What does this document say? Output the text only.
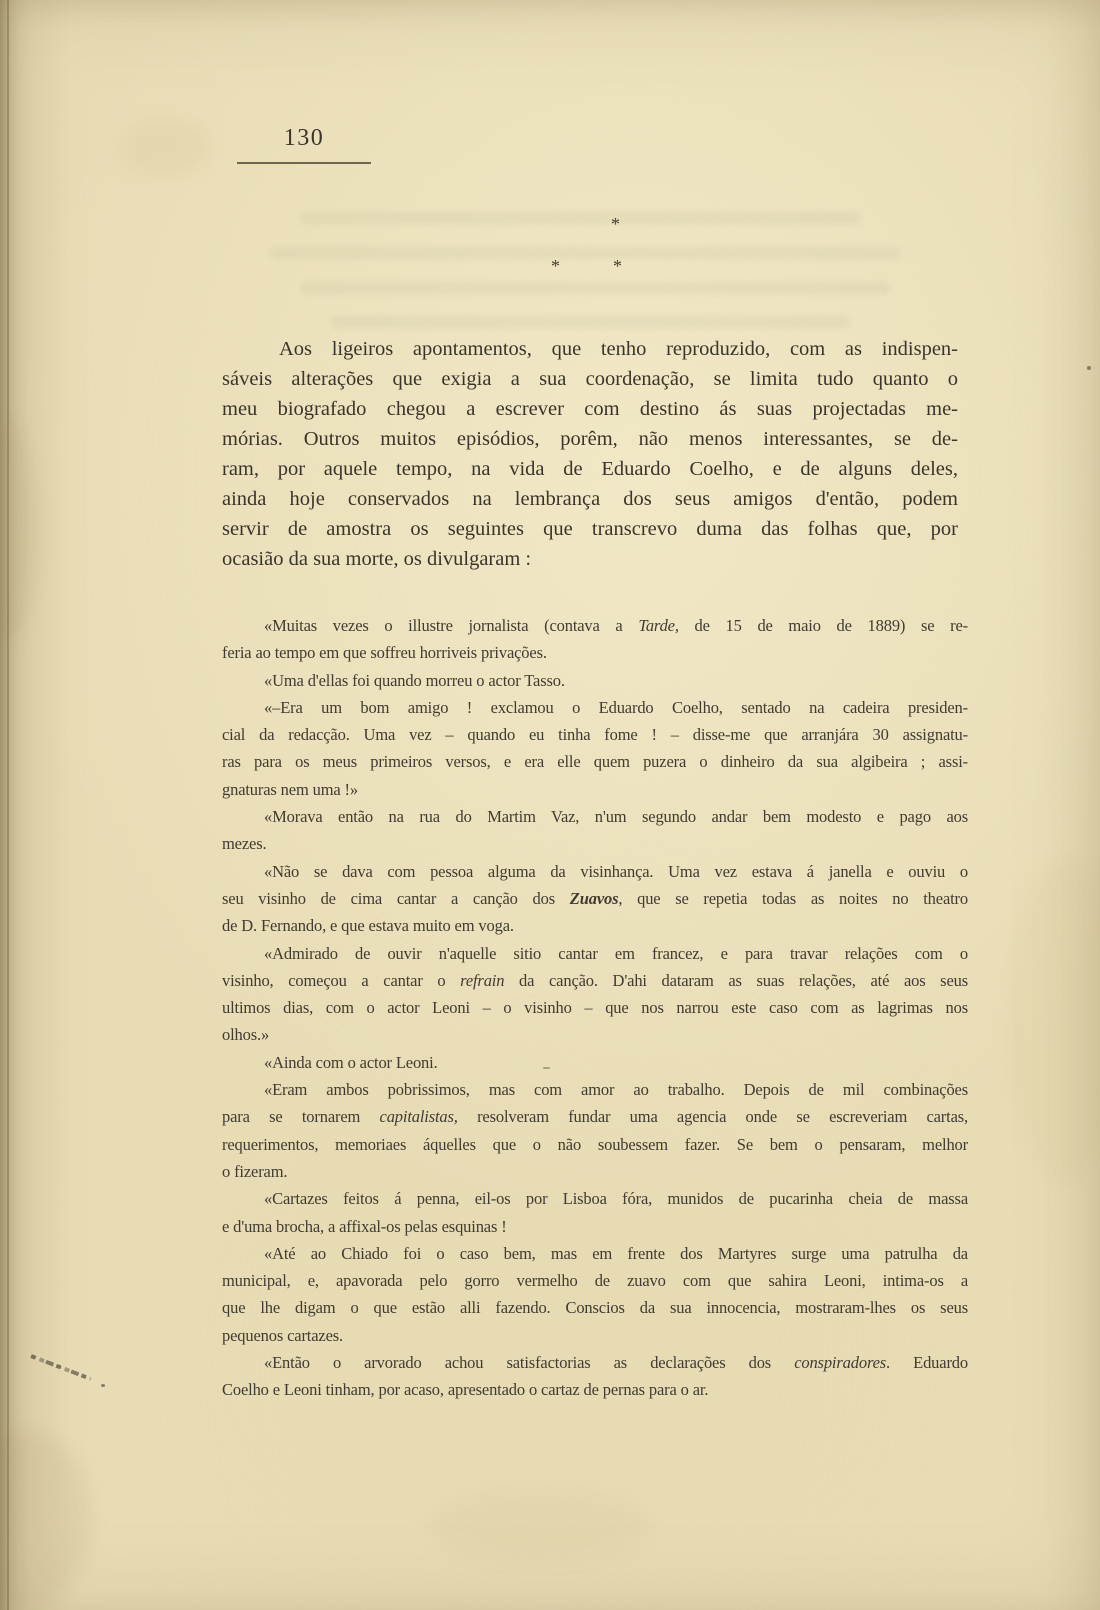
130
*
*	*
Aos ligeiros apontamentos, que tenho reproduzido, com as indispen-
sáveis alterações que exigia a sua coordenação, se limita tudo quanto o
meu biografado chegou a escrever com destino ás suas projectadas me-
mórias. Outros muitos episódios, porêm, não menos interessantes, se de-
ram, por aquele tempo, na vida de Eduardo Coelho, e de alguns deles,
ainda hoje conservados na lembrança dos seus amigos d'então, podem
servir de amostra os seguintes que transcrevo duma das folhas que, por
ocasião da sua morte, os divulgaram :
«Muitas vezes o illustre jornalista (contava a Tarde, de 15 de maio de 1889) se re-
feria ao tempo em que soffreu horriveis privações.
«Uma d'ellas foi quando morreu o actor Tasso.
«–Era um bom amigo ! exclamou o Eduardo Coelho, sentado na cadeira presiden-
cial da redacção. Uma vez – quando eu tinha fome ! – disse-me que arranjára 30 assignatu-
ras para os meus primeiros versos, e era elle quem puzera o dinheiro da sua algibeira ; assi-
gnaturas nem uma !»
«Morava então na rua do Martim Vaz, n'um segundo andar bem modesto e pago aos
mezes.
«Não se dava com pessoa alguma da visinhança. Uma vez estava á janella e ouviu o
seu visinho de cima cantar a canção dos Zuavos, que se repetia todas as noites no theatro
de D. Fernando, e que estava muito em voga.
«Admirado de ouvir n'aquelle sitio cantar em francez, e para travar relações com o
visinho, começou a cantar o refrain da canção. D'ahi dataram as suas relações, até aos seus
ultimos dias, com o actor Leoni – o visinho – que nos narrou este caso com as lagrimas nos
olhos.»
«Ainda com o actor Leoni.
«Eram ambos pobrissimos, mas com amor ao trabalho. Depois de mil combinações
para se tornarem capitalistas, resolveram fundar uma agencia onde se escreveriam cartas,
requerimentos, memoriaes áquelles que o não soubessem fazer. Se bem o pensaram, melhor
o fizeram.
«Cartazes feitos á penna, eil-os por Lisboa fóra, munidos de pucarinha cheia de massa
e d'uma brocha, a affixal-os pelas esquinas !
«Até ao Chiado foi o caso bem, mas em frente dos Martyres surge uma patrulha da
municipal, e, apavorada pelo gorro vermelho de zuavo com que sahira Leoni, intima-os a
que lhe digam o que estão alli fazendo. Conscios da sua innocencia, mostraram-lhes os seus
pequenos cartazes.
«Então o arvorado achou satisfactorias as declarações dos conspiradores. Eduardo
Coelho e Leoni tinham, por acaso, apresentado o cartaz de pernas para o ar.
